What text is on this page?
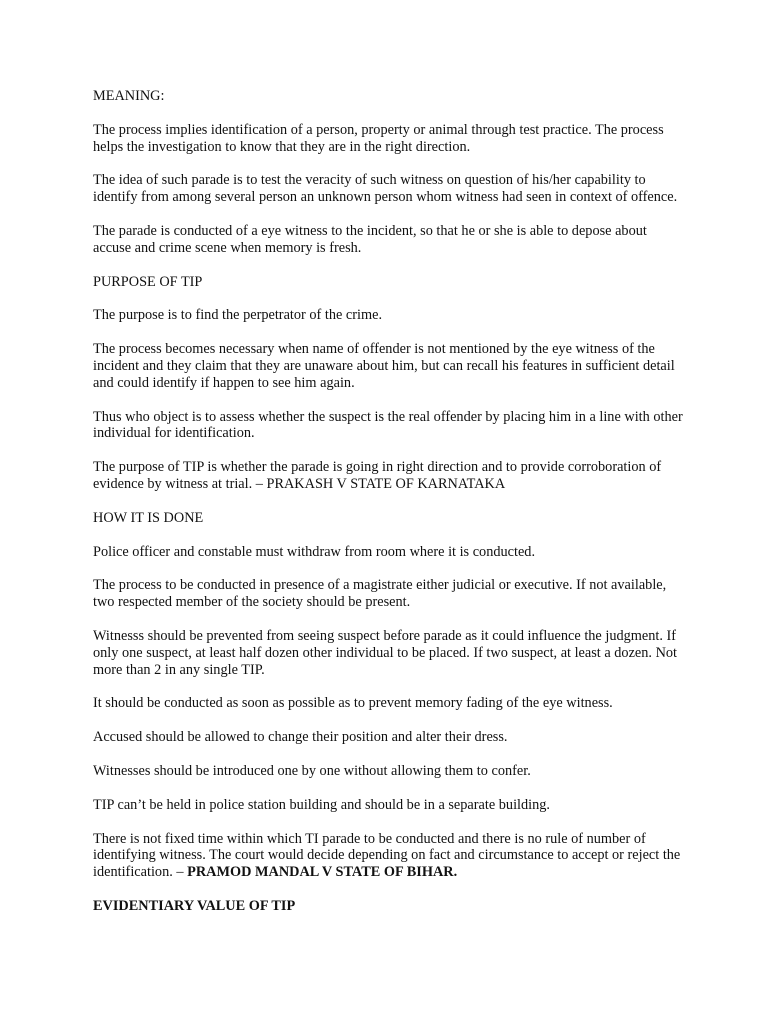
MEANING:

The process implies identification of a person, property or animal through test practice. The process helps the investigation to know that they are in the right direction.

The idea of such parade is to test the veracity of such witness on question of his/her capability to identify from among several person an unknown person whom witness had seen in context of offence.

The parade is conducted of a eye witness to the incident, so that he or she is able to depose about accuse and crime scene when memory is fresh.

PURPOSE OF TIP

The purpose is to find the perpetrator of the crime.

The process becomes necessary when name of offender is not mentioned by the eye witness of the incident and they claim that they are unaware about him, but can recall his features in sufficient detail and could identify if happen to see him again.

Thus who object is to assess whether the suspect is the real offender by placing him in a line with other individual for identification.

The purpose of TIP is whether the parade is going in right direction and to provide corroboration of evidence by witness at trial. – PRAKASH V STATE OF KARNATAKA

HOW IT IS DONE

Police officer and constable must withdraw from room where it is conducted.

The process to be conducted in presence of a magistrate either judicial or executive. If not available, two respected member of the society should be present.

Witnesss should be prevented from seeing suspect before parade as it could influence the judgment. If only one suspect, at least half dozen other individual to be placed. If two suspect, at least a dozen. Not more than 2 in any single TIP.

It should be conducted as soon as possible as to prevent memory fading of the eye witness.

Accused should be allowed to change their position and alter their dress.

Witnesses should be introduced one by one without allowing them to confer.

TIP can’t be held in police station building and should be in a separate building.

There is not fixed time within which TI parade to be conducted and there is no rule of number of identifying witness. The court would decide depending on fact and circumstance to accept or reject the identification. – PRAMOD MANDAL V STATE OF BIHAR.

EVIDENTIARY VALUE OF TIP
